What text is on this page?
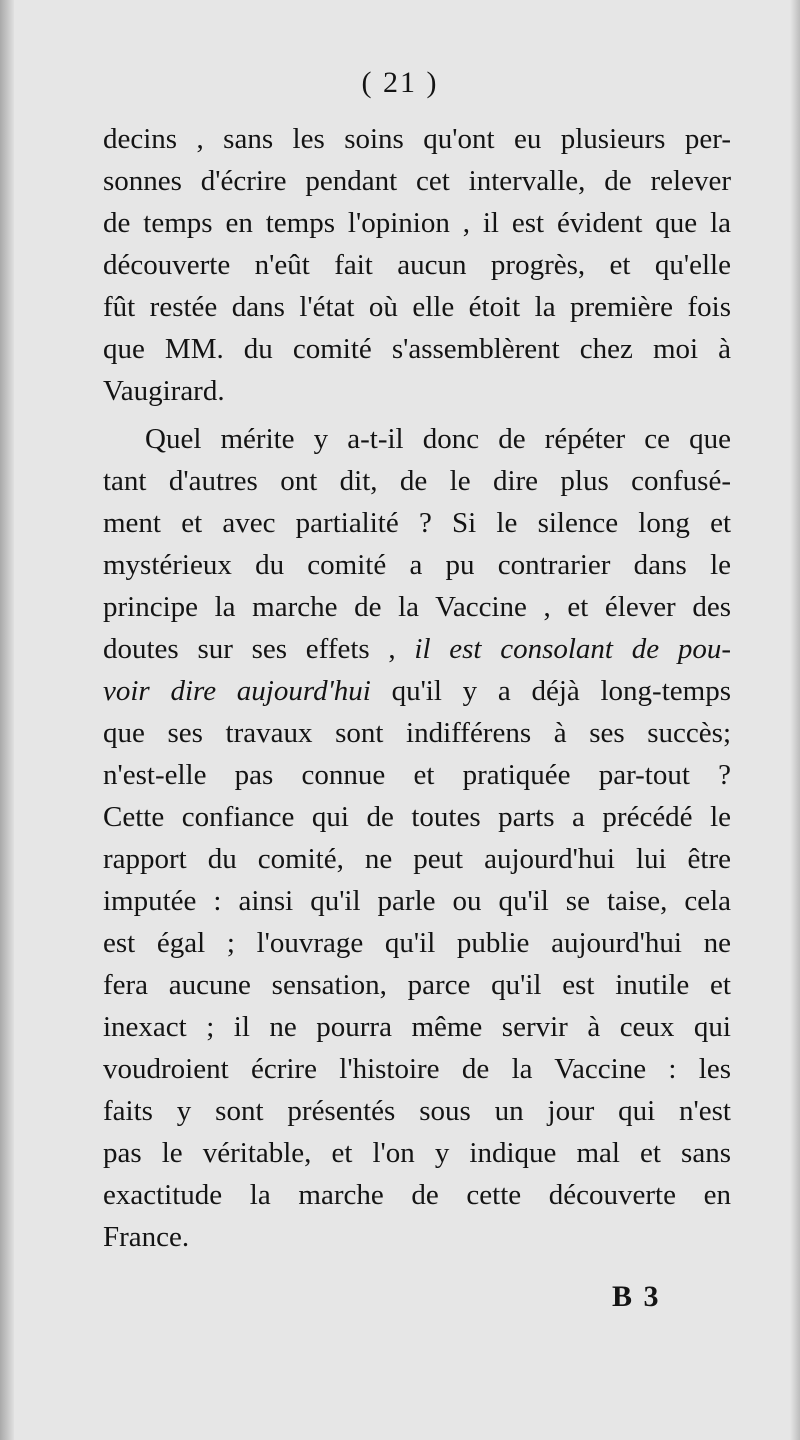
( 21 )
decins , sans les soins qu'ont eu plusieurs per-
sonnes d'écrire pendant cet intervalle, de relever
de temps en temps l'opinion , il est évident que la
découverte n'eût fait aucun progrès, et qu'elle
fût restée dans l'état où elle étoit la première fois
que MM. du comité s'assemblèrent chez moi à
Vaugirard.
Quel mérite y a-t-il donc de répéter ce que
tant d'autres ont dit, de le dire plus confusé-
ment et avec partialité ? Si le silence long et
mystérieux du comité a pu contrarier dans le
principe la marche de la Vaccine , et élever des
doutes sur ses effets , il est consolant de pou-
voir dire aujourd'hui qu'il y a déjà long-temps
que ses travaux sont indifférens à ses succès;
n'est-elle pas connue et pratiquée par-tout ?
Cette confiance qui de toutes parts a précédé le
rapport du comité, ne peut aujourd'hui lui être
imputée : ainsi qu'il parle ou qu'il se taise, cela
est égal ; l'ouvrage qu'il publie aujourd'hui ne
fera aucune sensation, parce qu'il est inutile et
inexact ; il ne pourra même servir à ceux qui
voudroient écrire l'histoire de la Vaccine : les
faits y sont présentés sous un jour qui n'est
pas le véritable, et l'on y indique mal et sans
exactitude la marche de cette découverte en
France.
B 3
